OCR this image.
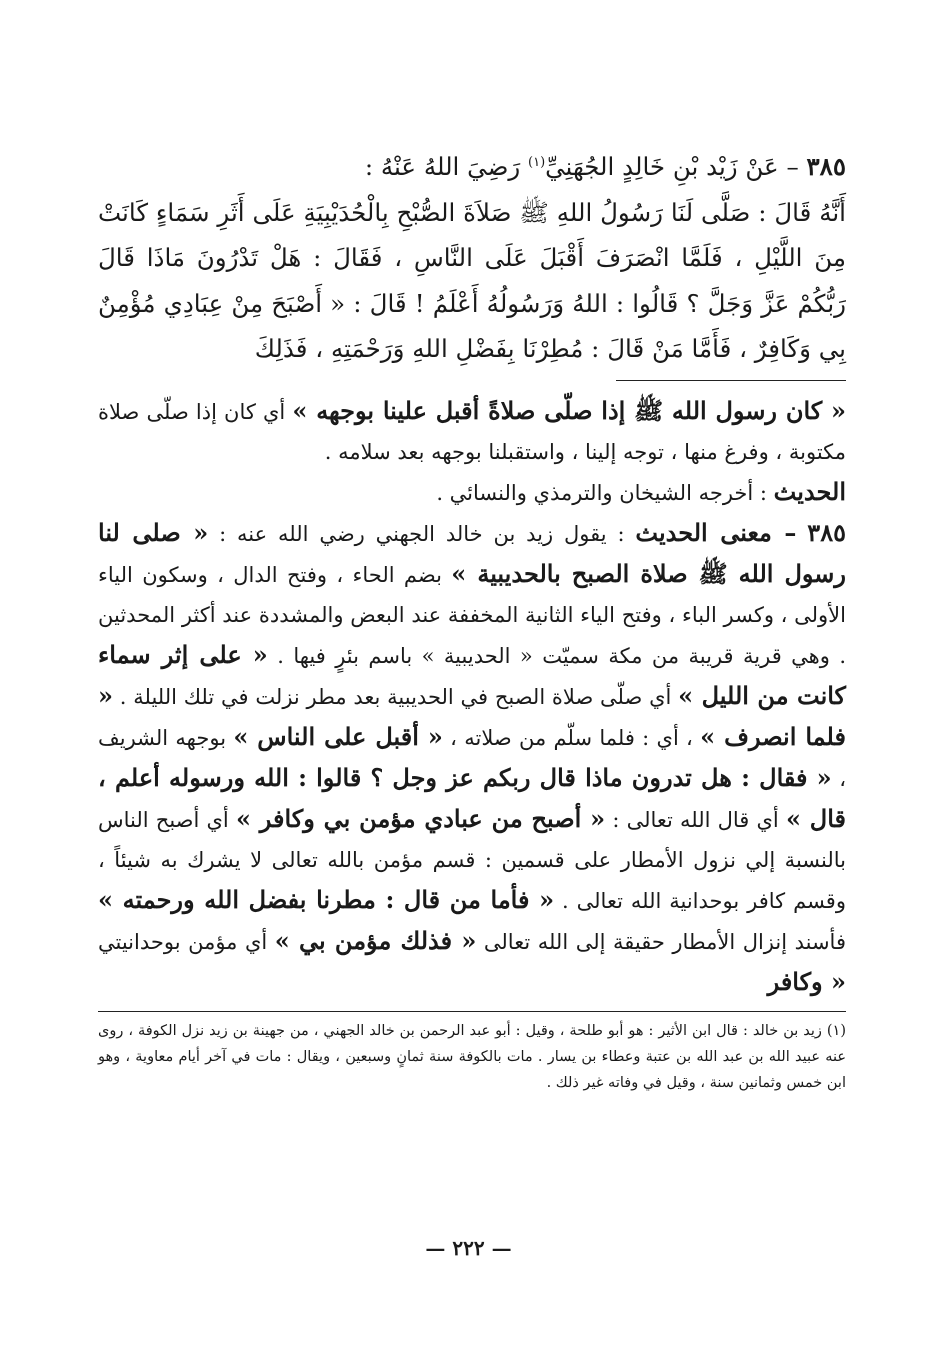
٣٨٥ – عَنْ زَيْد بْنِ خَالِدٍ الجُهَنِيِّ$^{(١)}$ رَضِيَ اللهُ عَنْهُ :

أَنَّهُ قَالَ : صَلَّى لَنَا رَسُولُ اللهِ ﷺ صَلاَةَ الصُّبْحِ بِالْحُدَيْبِيَةِ عَلَى أَثَرِ سَمَاءٍ كَانَتْ مِنَ اللَّيْلِ ، فَلَمَّا انْصَرَفَ أَقْبَلَ عَلَى النَّاسِ ، فَقَالَ : هَلْ تَدْرُونَ مَاذَا قَالَ رَبُّكُمْ عَزَّ وَجَلَّ ؟ قَالُوا : اللهُ وَرَسُولُهُ أَعْلَمُ ! قَالَ : « أَصْبَحَ مِنْ عِبَادِي مُؤْمِنٌ بِي وَكَافِرٌ ، فَأَمَّا مَنْ قَالَ : مُطِرْنَا بِفَضْلِ اللهِ وَرَحْمَتِهِ ، فَذَلِكَ

« كان رسول الله ﷺ إذا صلّى صلاةً أقبل علينا بوجهه » أي كان إذا صلّى صلاة مكتوبة ، وفرغ منها ، توجه إلينا ، واستقبلنا بوجهه بعد سلامه .

الحديث : أخرجه الشيخان والترمذي والنسائي .

٣٨٥ – معنى الحديث : يقول زيد بن خالد الجهني رضي الله عنه : « صلى لنا رسول الله ﷺ صلاة الصبح بالحديبية » بضم الحاء ، وفتح الدال ، وسكون الياء الأولى ، وكسر الباء ، وفتح الياء الثانية المخففة عند البعض والمشددة عند أكثر المحدثين . وهي قرية قريبة من مكة سميّت « الحديبية » باسم بئرٍ فيها . « على إثر سماء كانت من الليل » أي صلّى صلاة الصبح في الحديبية بعد مطر نزلت في تلك الليلة . « فلما انصرف » ، أي : فلما سلّم من صلاته ، « أقبل على الناس » بوجهه الشريف ، « فقال : هل تدرون ماذا قال ربكم عز وجل ؟ قالوا : الله ورسوله أعلم ، قال » أي قال الله تعالى : « أصبح من عبادي مؤمن بي وكافر » أي أصبح الناس بالنسبة إلي نزول الأمطار على قسمين : قسم مؤمن بالله تعالى لا يشرك به شيئاً ، وقسم كافر بوحدانية الله تعالى . « فأما من قال : مطرنا بفضل الله ورحمته » فأسند إنزال الأمطار حقيقة إلى الله تعالى « فذلك مؤمن بي » أي مؤمن بوحدانيتي « وكافر

(١) زيد بن خالد : قال ابن الأثير : هو أبو طلحة ، وقيل : أبو عبد الرحمن بن خالد الجهني ، من جهينة بن زيد نزل الكوفة ، روى عنه عبيد الله بن عبد الله بن عتبة وعطاء بن يسار . مات بالكوفة سنة ثمانٍ وسبعين ، ويقال : مات في آخر أيام معاوية ، وهو ابن خمس وثمانين سنة ، وقيل في وفاته غير ذلك .

— ٢٢٢ —
